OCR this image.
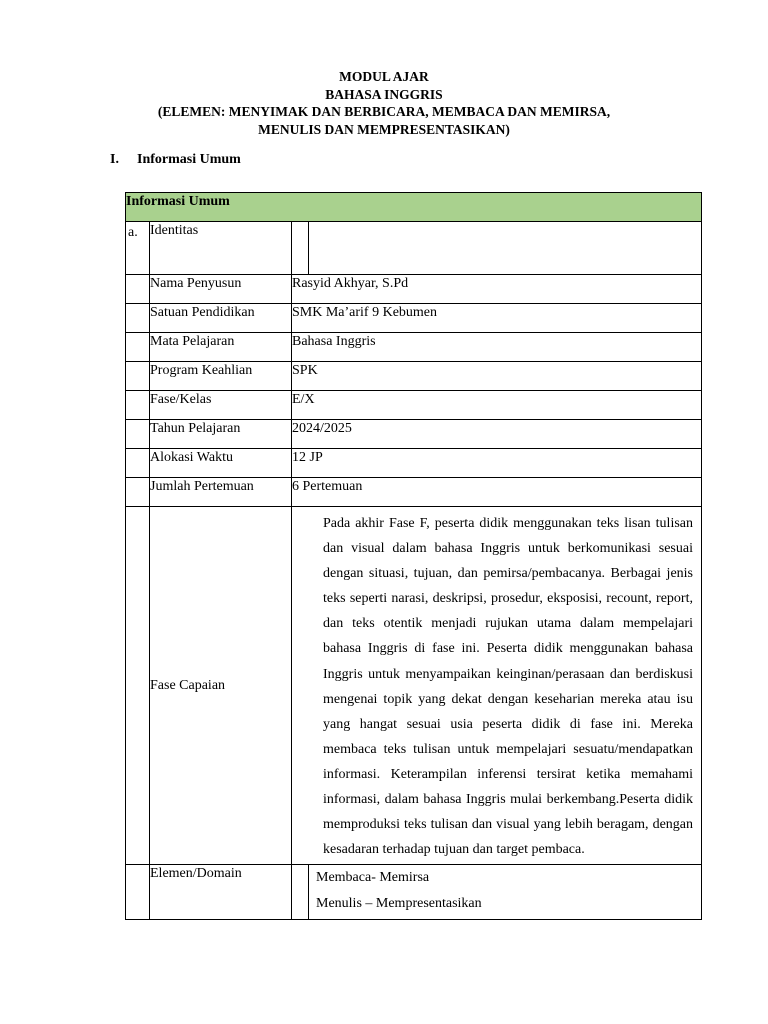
MODUL AJAR
BAHASA INGGRIS
(ELEMEN: MENYIMAK DAN BERBICARA, MEMBACA DAN MEMIRSA,
MENULIS DAN MEMPRESENTASIKAN)
I. Informasi Umum
Informasi Umum			

a.	Identitas		
	Nama Penyusun	Rasyid Akhyar, S.Pd	
	Satuan Pendidikan	SMK Ma’arif 9 Kebumen	
	Mata Pelajaran	Bahasa Inggris	
	Program Keahlian	SPK	
	Fase/Kelas	E/X	
	Tahun Pelajaran	2024/2025	
	Alokasi Waktu	12 JP	
	Jumlah Pertemuan	6 Pertemuan	
	Fase Capaian	Pada akhir Fase F, peserta didik menggunakan teks lisan tulisan dan visual dalam bahasa Inggris untuk berkomunikasi sesuai dengan situasi, tujuan, dan pemirsa/pembacanya. Berbagai jenis teks seperti narasi, deskripsi, prosedur, eksposisi, recount, report, dan teks otentik menjadi rujukan utama dalam mempelajari bahasa Inggris di fase ini. Peserta didik menggunakan bahasa Inggris untuk menyampaikan keinginan/perasaan dan berdiskusi mengenai topik yang dekat dengan keseharian mereka atau isu yang hangat sesuai usia peserta didik di fase ini. Mereka membaca teks tulisan untuk mempelajari sesuatu/mendapatkan informasi. Keterampilan inferensi tersirat ketika memahami informasi, dalam bahasa Inggris mulai berkembang.Peserta didik memproduksi teks tulisan dan visual yang lebih beragam, dengan kesadaran terhadap tujuan dan target pembaca.	

	Elemen/Domain		Membaca- Memirsa
Menulis – Mempresentasikan
